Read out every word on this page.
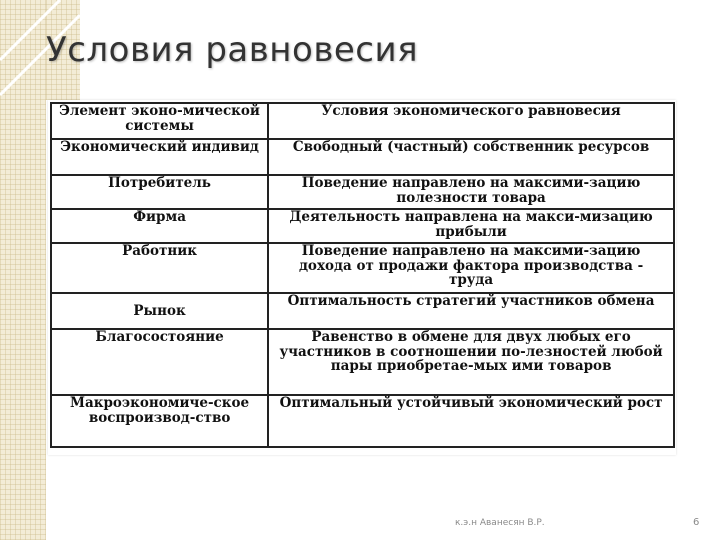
Условия равновесия
Элемент эконо-мической системы	Условия экономического равновесия
Экономический индивид	Свободный (частный) собственник ресурсов
Потребитель	Поведение направлено на максими-зацию полезности товара
Фирма	Деятельность направлена на макси-мизацию прибыли
Работник	Поведение направлено на максими-зацию дохода от продажи фактора производства - труда
Рынок	Оптимальность стратегий участников обмена
Благосостояние	Равенство в обмене для двух любых его участников в соотношении по-лезностей любой пары приобретае-мых ими товаров
Макроэкономиче-ское воспроизвод-ство	Оптимальный устойчивый экономический рост
к.э.н Аванесян В.Р.	6
